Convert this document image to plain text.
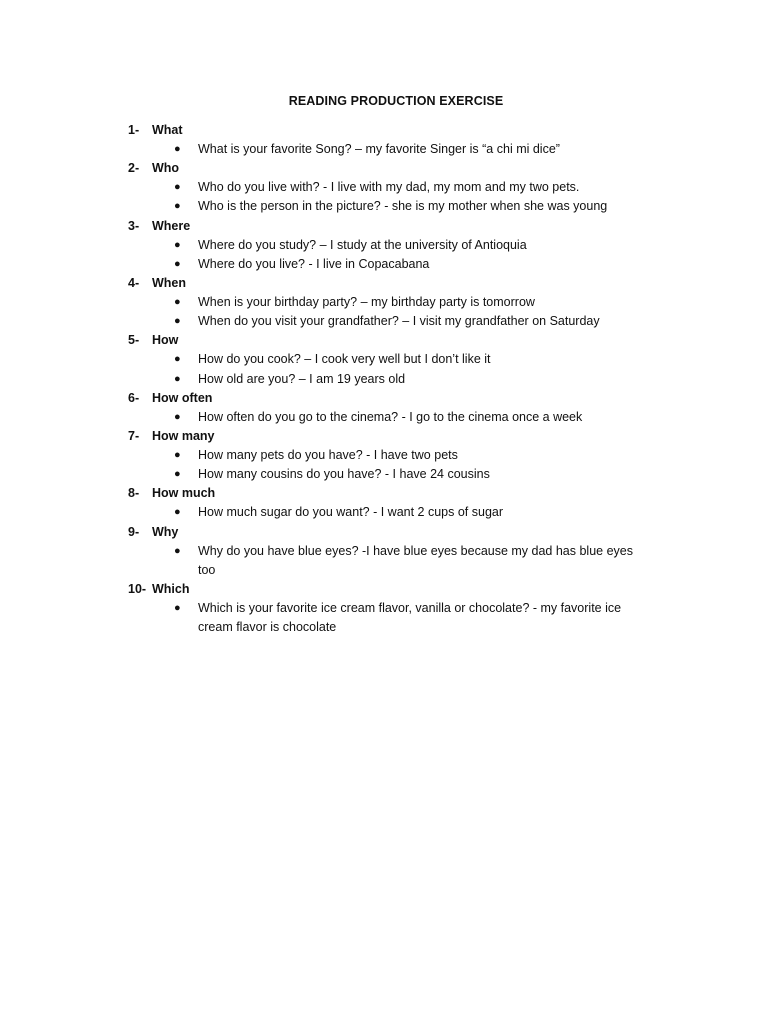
READING PRODUCTION EXERCISE
1-	What
● What is your favorite Song? – my favorite Singer is “a chi mi dice”
2-	Who
● Who do you live with? - I live with my dad, my mom and my two pets.
● Who is the person in the picture? - she is my mother when she was young
3-	Where
● Where do you study? – I study at the university of Antioquia
● Where do you live? - I live in Copacabana
4-	When
● When is your birthday party? – my birthday party is tomorrow
● When do you visit your grandfather? – I visit my grandfather on Saturday
5-	How
● How do you cook? – I cook very well but I don’t like it
● How old are you? – I am 19 years old
6-	How often
● How often do you go to the cinema? - I go to the cinema once a week
7-	How many
● How many pets do you have? - I have two pets
● How many cousins do you have? - I have 24 cousins
8-	How much
● How much sugar do you want? - I want 2 cups of sugar
9-	Why
● Why do you have blue eyes? -I have blue eyes because my dad has blue eyes too
10- Which
● Which is your favorite ice cream flavor, vanilla or chocolate? - my favorite ice cream flavor is chocolate
